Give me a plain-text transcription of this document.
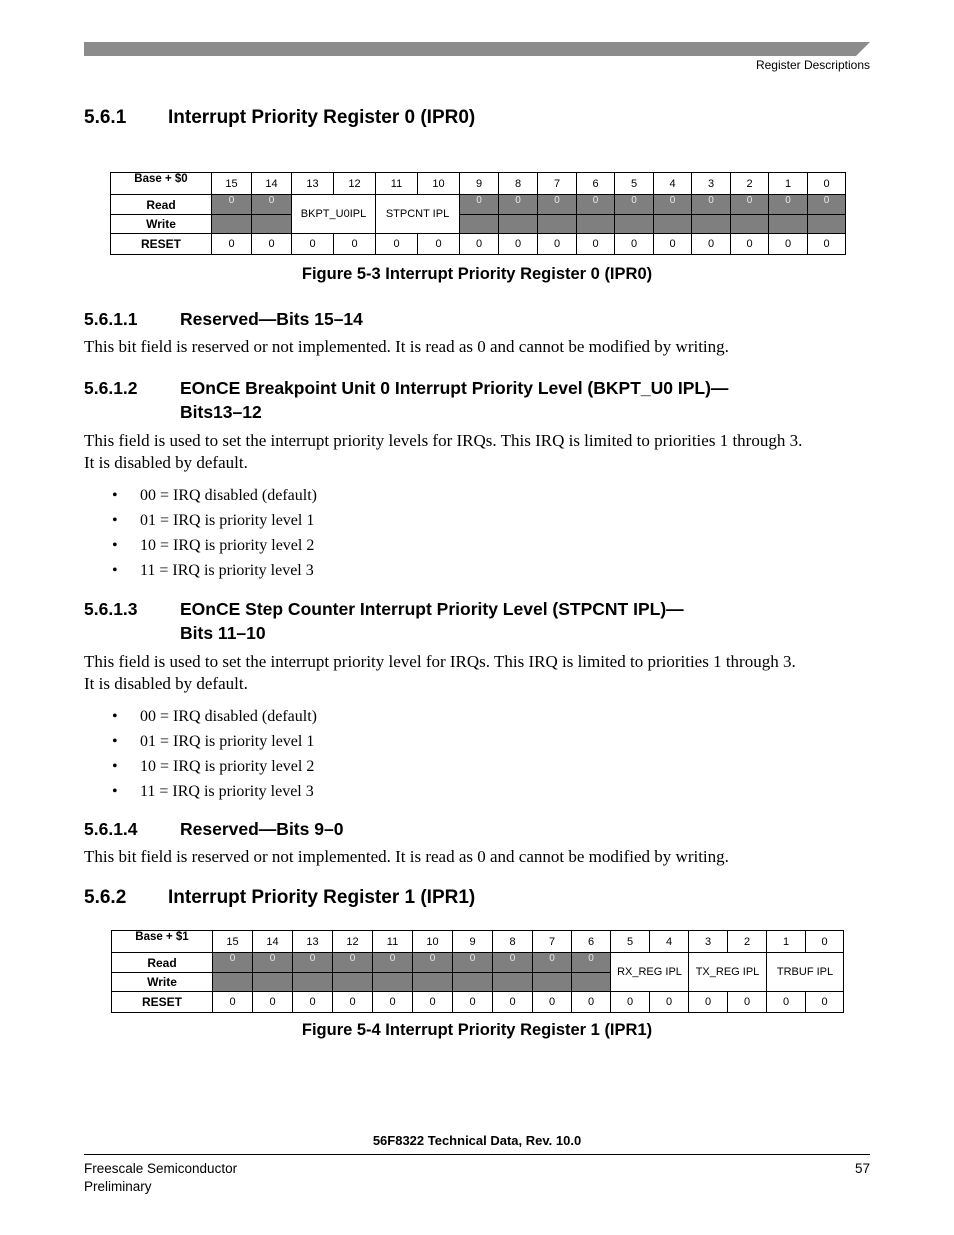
Register Descriptions
5.6.1	Interrupt Priority Register 0 (IPR0)
Base + $0	15	14	13	12	11	10	9	8	7	6	5	4	3	2	1	0
Read	0	0	BKPT_U0IPL		STPCNT IPL		0	0	0	0	0	0	0	0	0	0
Write																
RESET	0	0	0	0	0	0	0	0	0	0	0	0	0	0	0	0
Figure 5-3 Interrupt Priority Register 0 (IPR0)
5.6.1.1	Reserved—Bits 15–14
This bit field is reserved or not implemented. It is read as 0 and cannot be modified by writing.
5.6.1.2	EOnCE Breakpoint Unit 0 Interrupt Priority Level (BKPT_U0 IPL)—
Bits13–12
This field is used to set the interrupt priority levels for IRQs. This IRQ is limited to priorities 1 through 3.
It is disabled by default.
• 00 = IRQ disabled (default)
• 01 = IRQ is priority level 1
• 10 = IRQ is priority level 2
• 11 = IRQ is priority level 3
5.6.1.3	EOnCE Step Counter Interrupt Priority Level (STPCNT IPL)—
Bits 11–10
This field is used to set the interrupt priority level for IRQs. This IRQ is limited to priorities 1 through 3.
It is disabled by default.
• 00 = IRQ disabled (default)
• 01 = IRQ is priority level 1
• 10 = IRQ is priority level 2
• 11 = IRQ is priority level 3
5.6.1.4	Reserved—Bits 9–0
This bit field is reserved or not implemented. It is read as 0 and cannot be modified by writing.
5.6.2	Interrupt Priority Register 1 (IPR1)
Base + $1	15	14	13	12	11	10	9	8	7	6	5	4	3	2	1	0
Read	0	0	0	0	0	0	0	0	0	0	RX_REG IPL		TX_REG IPL		TRBUF IPL	
Write																
RESET	0	0	0	0	0	0	0	0	0	0	0	0	0	0	0	0
Figure 5-4 Interrupt Priority Register 1 (IPR1)
56F8322 Technical Data, Rev. 10.0
Freescale Semiconductor
Preliminary
57
